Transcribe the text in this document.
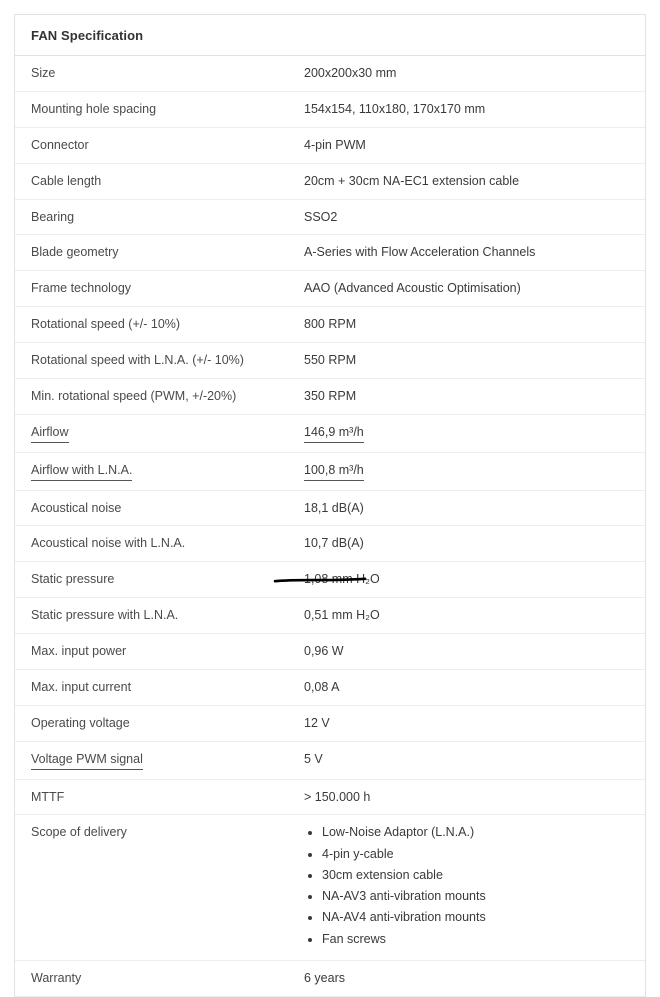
FAN Specification
Size	200x200x30 mm
Mounting hole spacing	154x154, 110x180, 170x170 mm
Connector	4-pin PWM
Cable length	20cm + 30cm NA-EC1 extension cable
Bearing	SSO2
Blade geometry	A-Series with Flow Acceleration Channels
Frame technology	AAO (Advanced Acoustic Optimisation)
Rotational speed (+/- 10%)	800 RPM
Rotational speed with L.N.A. (+/- 10%)	550 RPM
Min. rotational speed (PWM, +/-20%)	350 RPM
Airflow	146,9 m³/h
Airflow with L.N.A.	100,8 m³/h
Acoustical noise	18,1 dB(A)
Acoustical noise with L.N.A.	10,7 dB(A)
Static pressure	1,08 mm H₂O
Static pressure with L.N.A.	0,51 mm H₂O
Max. input power	0,96 W
Max. input current	0,08 A
Operating voltage	12 V
Voltage PWM signal	5 V
MTTF	> 150.000 h
Scope of delivery	
•Low-Noise Adaptor (L.N.A.)
• 4-pin y-cable
• 30cm extension cable
• NA-AV3 anti-vibration mounts
• NA-AV4 anti-vibration mounts
• Fan screws

Warranty	6 years
